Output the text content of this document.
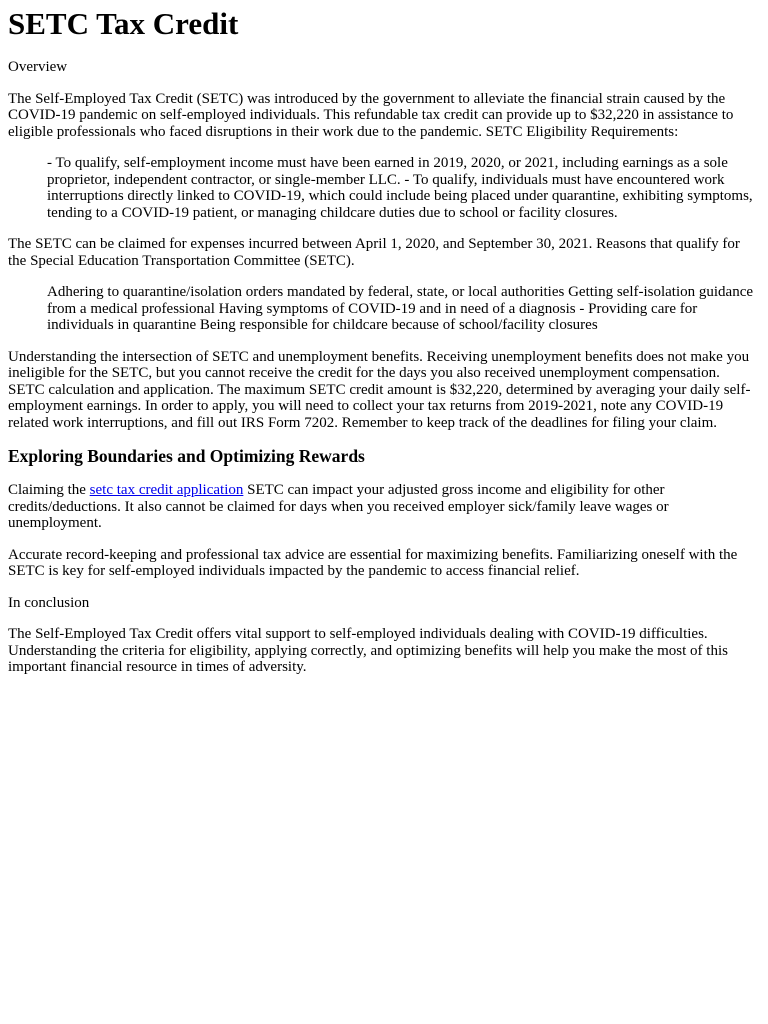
SETC Tax Credit

Overview

The Self-Employed Tax Credit (SETC) was introduced by the government to alleviate the financial strain caused by the COVID-19 pandemic on self-employed individuals. This refundable tax credit can provide up to $32,220 in assistance to eligible professionals who faced disruptions in their work due to the pandemic. SETC Eligibility Requirements:

- To qualify, self-employment income must have been earned in 2019, 2020, or 2021, including earnings as a sole proprietor, independent contractor, or single-member LLC. - To qualify, individuals must have encountered work interruptions directly linked to COVID-19, which could include being placed under quarantine, exhibiting symptoms, tending to a COVID-19 patient, or managing childcare duties due to school or facility closures.

The SETC can be claimed for expenses incurred between April 1, 2020, and September 30, 2021. Reasons that qualify for the Special Education Transportation Committee (SETC).

Adhering to quarantine/isolation orders mandated by federal, state, or local authorities Getting self-isolation guidance from a medical professional Having symptoms of COVID-19 and in need of a diagnosis - Providing care for individuals in quarantine Being responsible for childcare because of school/facility closures

Understanding the intersection of SETC and unemployment benefits. Receiving unemployment benefits does not make you ineligible for the SETC, but you cannot receive the credit for the days you also received unemployment compensation. SETC calculation and application. The maximum SETC credit amount is $32,220, determined by averaging your daily self-employment earnings. In order to apply, you will need to collect your tax returns from 2019-2021, note any COVID-19 related work interruptions, and fill out IRS Form 7202. Remember to keep track of the deadlines for filing your claim.

Exploring Boundaries and Optimizing Rewards

Claiming the setc tax credit application SETC can impact your adjusted gross income and eligibility for other credits/deductions. It also cannot be claimed for days when you received employer sick/family leave wages or unemployment.

Accurate record-keeping and professional tax advice are essential for maximizing benefits. Familiarizing oneself with the SETC is key for self-employed individuals impacted by the pandemic to access financial relief.

In conclusion

The Self-Employed Tax Credit offers vital support to self-employed individuals dealing with COVID-19 difficulties. Understanding the criteria for eligibility, applying correctly, and optimizing benefits will help you make the most of this important financial resource in times of adversity.
